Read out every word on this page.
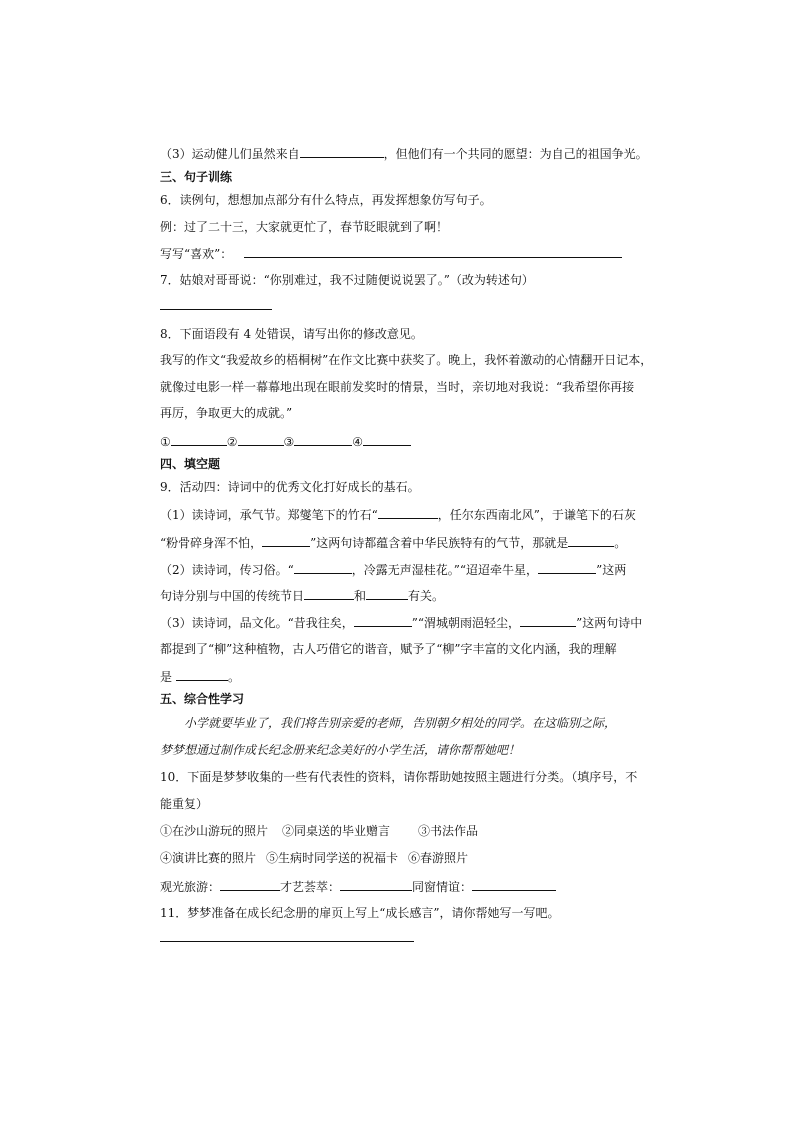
（3）运动健儿们虽然来自	，但他们有一个共同的愿望：为自己的祖国争光。
三、句子训练
6．读例句，想想加点部分有什么特点，再发挥想象仿写句子。
例：过了二十三，大家就更忙了，春节眨眼就到了啊！
写写“喜欢”：
7．姑娘对哥哥说：“你别难过，我不过随便说说罢了。”（改为转述句）
8．下面语段有 4 处错误，请写出你的修改意见。
我写的作文“我爱故乡的梧桐树”在作文比赛中获奖了。晚上，我怀着激动的心情翻开日记本，
就像过电影一样一幕幕地出现在眼前发奖时的情景，当时，亲切地对我说：“我希望你再接
再厉，争取更大的成就。”
①	②	③	④
四、填空题
9．活动四：诗词中的优秀文化打好成长的基石。
（1）读诗词，承气节。郑燮笔下的竹石“	，任尔东西南北风”，于谦笔下的石灰
“粉骨碎身浑不怕，	”这两句诗都蕴含着中华民族特有的气节，那就是	。
（2）读诗词，传习俗。“	，冷露无声湿桂花。”“迢迢牵牛星，	”这两
句诗分别与中国的传统节日	和	有关。
（3）读诗词，品文化。“昔我往矣，	”“渭城朝雨浥轻尘，	”这两句诗中
都提到了“柳”这种植物，古人巧借它的谐音，赋予了“柳”字丰富的文化内涵，我的理解
是	。
五、综合性学习
小学就要毕业了，我们将告别亲爱的老师，告别朝夕相处的同学。在这临别之际，
梦梦想通过制作成长纪念册来纪念美好的小学生活，请你帮帮她吧！
10．下面是梦梦收集的一些有代表性的资料，请你帮助她按照主题进行分类。（填序号，不
能重复）
①在沙山游玩的照片 ②同桌送的毕业赠言 ③书法作品
④演讲比赛的照片 ⑤生病时同学送的祝福卡 ⑥春游照片
观光旅游：	才艺荟萃：	同窗情谊：
11．梦梦准备在成长纪念册的扉页上写上“成长感言”，请你帮她写一写吧。
